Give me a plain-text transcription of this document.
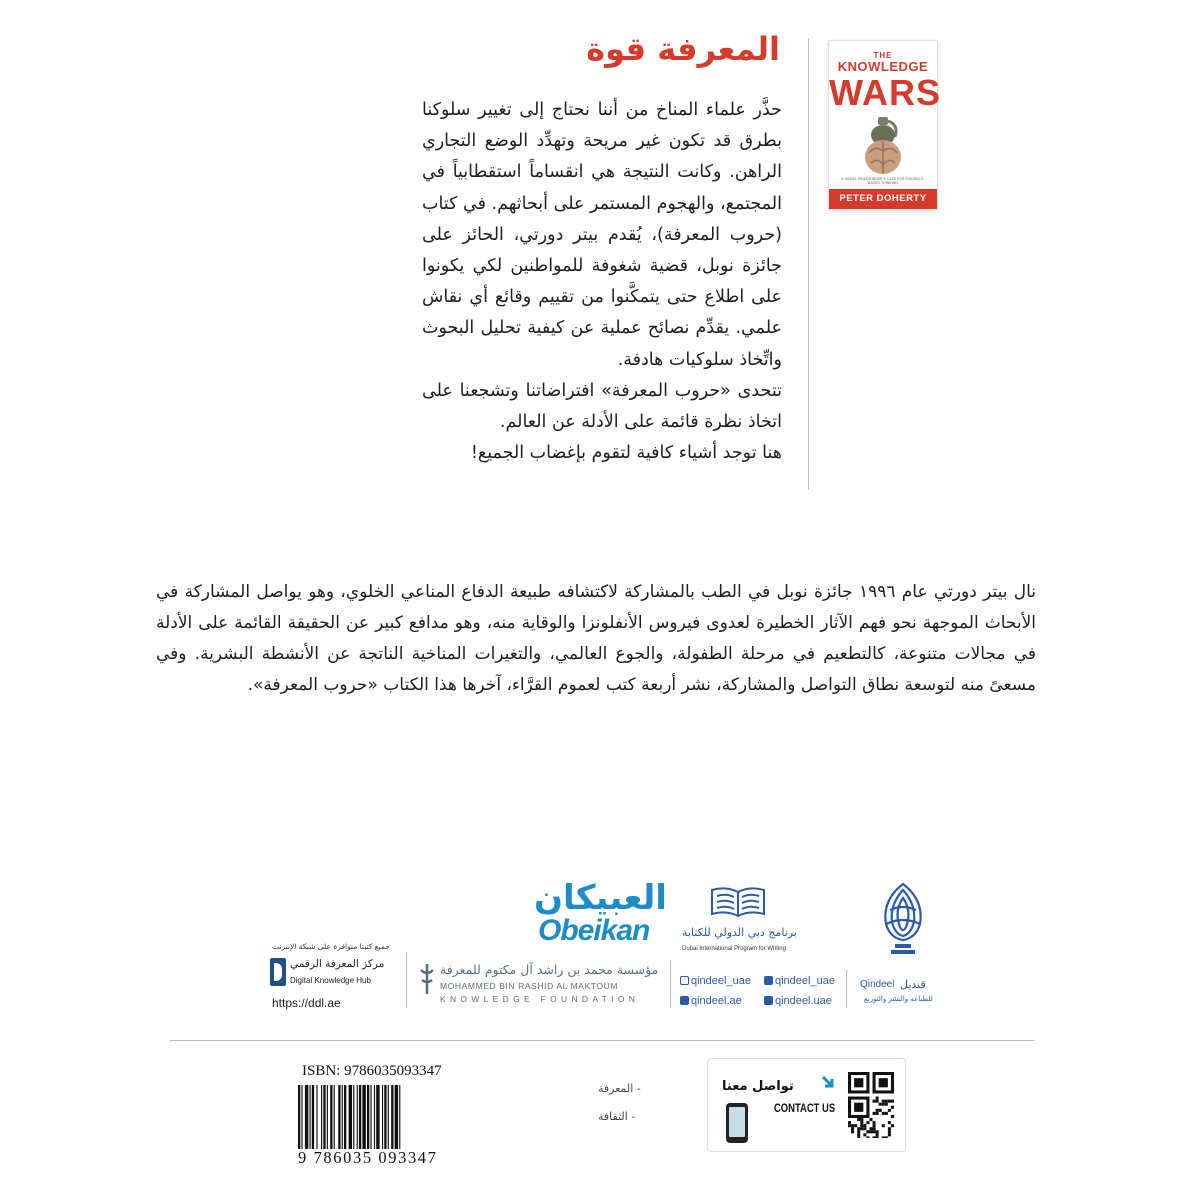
المعرفة قوة

حذَّر علماء المناخ من أننا نحتاج إلى تغيير سلوكنا بطرق قد تكون غير مريحة وتهدِّد الوضع التجاري الراهن. وكانت النتيجة هي انقساماً استقطابياً في المجتمع، والهجوم المستمر على أبحاثهم. في كتاب (حروب المعرفة)، يُقدم بيتر دورتي، الحائز على جائزة نوبل، قضية شغوفة للمواطنين لكي يكونوا على اطلاع حتى يتمكَّنوا من تقييم وقائع أي نقاش علمي. يقدِّم نصائح عملية عن كيفية تحليل البحوث واتِّخاذ سلوكيات هادفة.

تتحدى «حروب المعرفة» افتراضاتنا وتشجعنا على اتخاذ نظرة قائمة على الأدلة عن العالم.

هنا توجد أشياء كافية لتقوم بإغضاب الجميع!

THE
KNOWLEDGE
WARS
A NOBEL PRIZEWINNER'S CASE FOR EVIDENCE-BASED THINKING
PETER DOHERTY
نال بيتر دورتي عام ١٩٩٦ جائزة نوبل في الطب بالمشاركة لاكتشافه طبيعة الدفاع المناعي الخلوي، وهو يواصل المشاركة في الأبحاث الموجهة نحو فهم الآثار الخطيرة لعدوى فيروس الأنفلونزا والوقاية منه، وهو مدافع كبير عن الحقيقة القائمة على الأدلة في مجالات متنوعة، كالتطعيم في مرحلة الطفولة، والجوع العالمي، والتغيرات المناخية الناتجة عن الأنشطة البشرية. وفي مسعىً منه لتوسعة نطاق التواصل والمشاركة، نشر أربعة كتب لعموم القرَّاء، آخرها هذا الكتاب «حروب المعرفة».
قنديل
Qindeel
للطباعة والنشر والتوزيع
qindeel_uae
qindeel_uae
qindeel.uae
qindeel.ae
برنامج دبي الدولي للكتابة
Dubai International Program for Writing
العبيكان
Obeikan
مؤسسة محمد بن راشد آل مكتوم للمعرفة
MOHAMMED BIN RASHID AL MAKTOUM
KNOWLEDGE FOUNDATION
جميع كتبنا متوافرة على شبكة الإنترنت
مركز المعرفة الرقمي
Digital Knowledge Hub
https://ddl.ae
ISBN: 9786035093347
9 786035 093347
- المعرفة
- الثقافة
تواصل معنا
CONTACT US
